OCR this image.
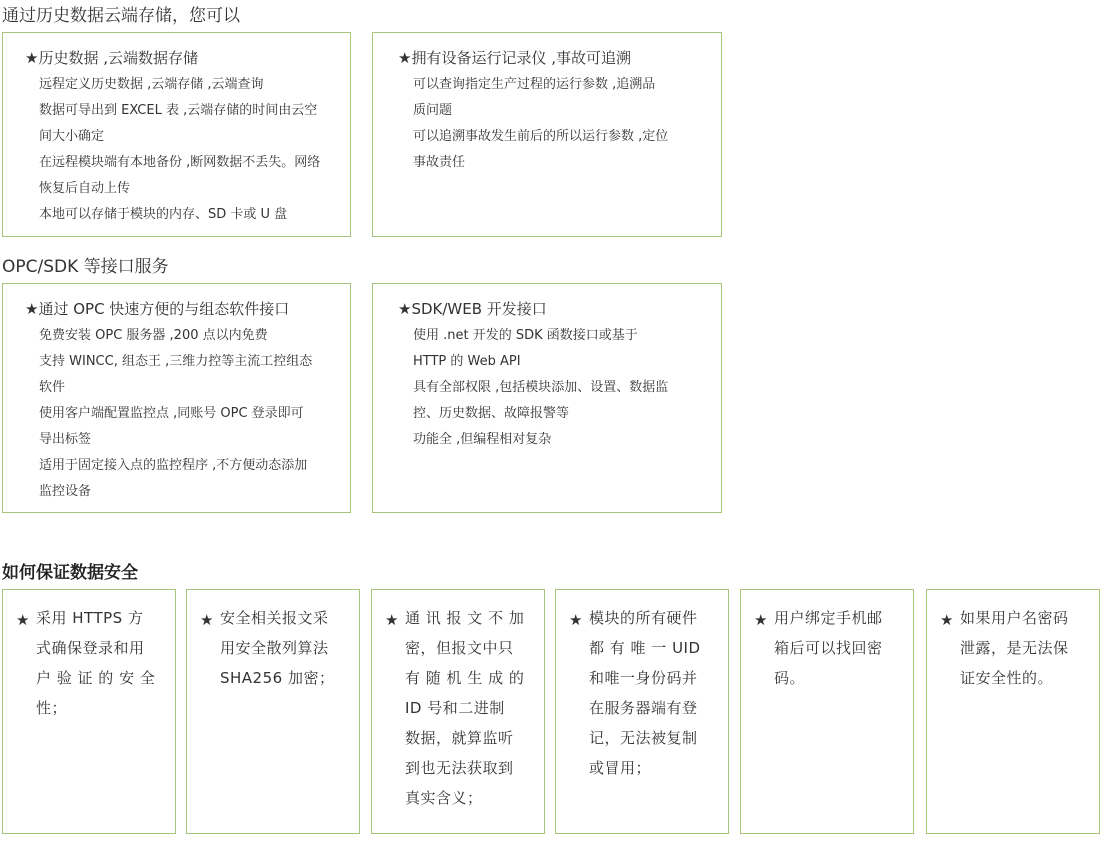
通过历史数据云端存储，您可以
★历史数据 ,云端数据存储
远程定义历史数据 ,云端存储 ,云端查询
数据可导出到 EXCEL 表 ,云端存储的时间由云空
间大小确定
在远程模块端有本地备份 ,断网数据不丢失。网络
恢复后自动上传
本地可以存储于模块的内存、SD 卡或 U 盘
★拥有设备运行记录仪 ,事故可追溯
可以查询指定生产过程的运行参数 ,追溯品
质问题
可以追溯事故发生前后的所以运行参数 ,定位
事故责任
OPC/SDK 等接口服务
★通过 OPC 快速方便的与组态软件接口
免费安装 OPC 服务器 ,200 点以内免费
支持 WINCC, 组态王 ,三维力控等主流工控组态
软件
使用客户端配置监控点 ,同账号 OPC 登录即可
导出标签
适用于固定接入点的监控程序 ,不方便动态添加
监控设备
★SDK/WEB 开发接口
使用 .net 开发的 SDK 函数接口或基于
HTTP 的 Web API
具有全部权限 ,包括模块添加、设置、数据监
控、历史数据、故障报警等
功能全 ,但编程相对复杂
如何保证数据安全
★ 采用 HTTPS 方
式确保登录和用
户 验 证 的 安 全
性；
★ 安全相关报文采
用安全散列算法
SHA256 加密；
★ 通 讯 报 文 不 加
密，但报文中只
有 随 机 生 成 的
ID 号和二进制
数据，就算监听
到也无法获取到
真实含义；
★ 模块的所有硬件
都 有 唯 一 UID
和唯一身份码并
在服务器端有登
记，无法被复制
或冒用；
★ 用户绑定手机邮
箱后可以找回密
码。
★ 如果用户名密码
泄露，是无法保
证安全性的。
